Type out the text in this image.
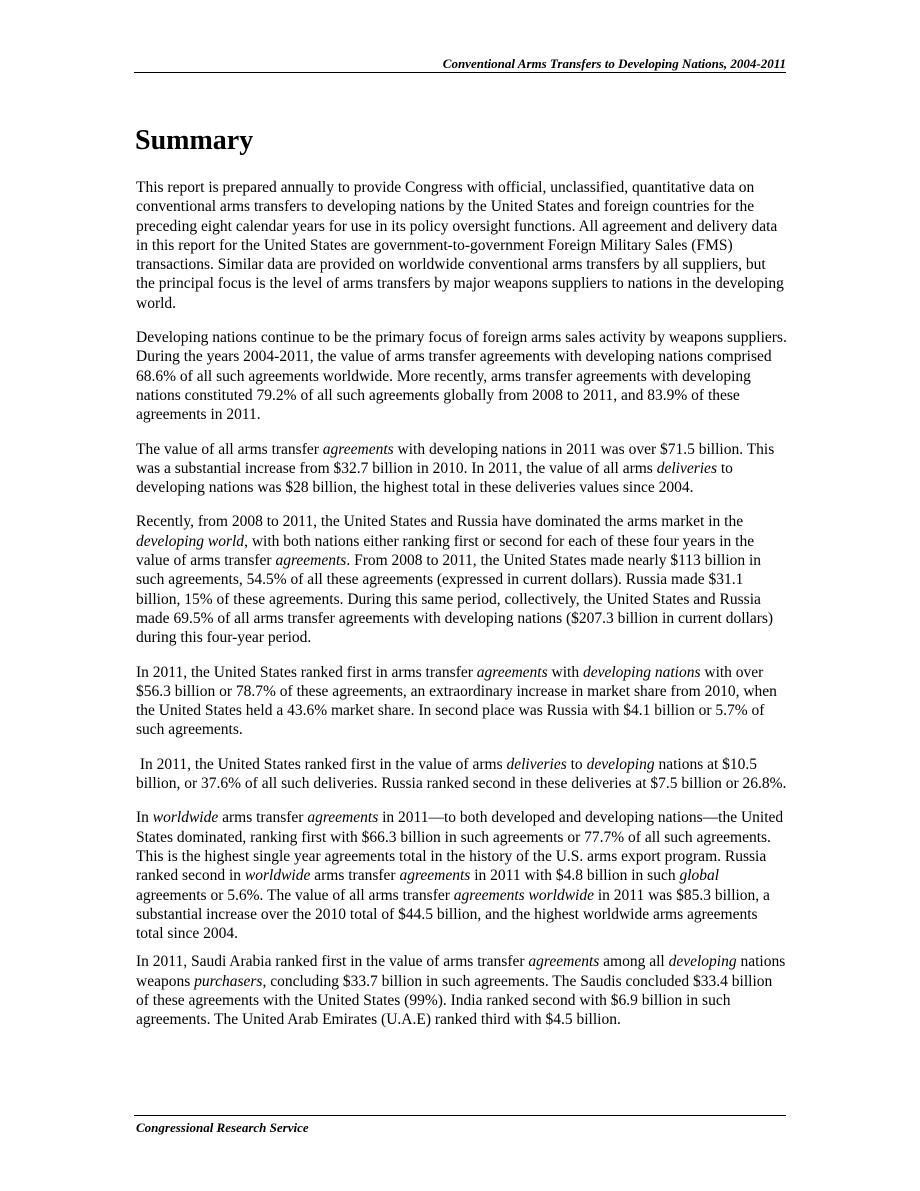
Conventional Arms Transfers to Developing Nations, 2004-2011
Summary

This report is prepared annually to provide Congress with official, unclassified, quantitative data on conventional arms transfers to developing nations by the United States and foreign countries for the preceding eight calendar years for use in its policy oversight functions. All agreement and delivery data in this report for the United States are government-to-government Foreign Military Sales (FMS) transactions. Similar data are provided on worldwide conventional arms transfers by all suppliers, but the principal focus is the level of arms transfers by major weapons suppliers to nations in the developing world.

Developing nations continue to be the primary focus of foreign arms sales activity by weapons suppliers. During the years 2004-2011, the value of arms transfer agreements with developing nations comprised 68.6% of all such agreements worldwide. More recently, arms transfer agreements with developing nations constituted 79.2% of all such agreements globally from 2008 to 2011, and 83.9% of these agreements in 2011.

The value of all arms transfer agreements with developing nations in 2011 was over $71.5 billion. This was a substantial increase from $32.7 billion in 2010. In 2011, the value of all arms deliveries to developing nations was $28 billion, the highest total in these deliveries values since 2004.

Recently, from 2008 to 2011, the United States and Russia have dominated the arms market in the developing world, with both nations either ranking first or second for each of these four years in the value of arms transfer agreements. From 2008 to 2011, the United States made nearly $113 billion in such agreements, 54.5% of all these agreements (expressed in current dollars). Russia made $31.1 billion, 15% of these agreements. During this same period, collectively, the United States and Russia made 69.5% of all arms transfer agreements with developing nations ($207.3 billion in current dollars) during this four-year period.

In 2011, the United States ranked first in arms transfer agreements with developing nations with over $56.3 billion or 78.7% of these agreements, an extraordinary increase in market share from 2010, when the United States held a 43.6% market share. In second place was Russia with $4.1 billion or 5.7% of such agreements.

In 2011, the United States ranked first in the value of arms deliveries to developing nations at $10.5 billion, or 37.6% of all such deliveries. Russia ranked second in these deliveries at $7.5 billion or 26.8%.

In worldwide arms transfer agreements in 2011—to both developed and developing nations—the United States dominated, ranking first with $66.3 billion in such agreements or 77.7% of all such agreements. This is the highest single year agreements total in the history of the U.S. arms export program. Russia ranked second in worldwide arms transfer agreements in 2011 with $4.8 billion in such global agreements or 5.6%. The value of all arms transfer agreements worldwide in 2011 was $85.3 billion, a substantial increase over the 2010 total of $44.5 billion, and the highest worldwide arms agreements total since 2004.

In 2011, Saudi Arabia ranked first in the value of arms transfer agreements among all developing nations weapons purchasers, concluding $33.7 billion in such agreements. The Saudis concluded $33.4 billion of these agreements with the United States (99%). India ranked second with $6.9 billion in such agreements. The United Arab Emirates (U.A.E) ranked third with $4.5 billion.

Congressional Research Service
